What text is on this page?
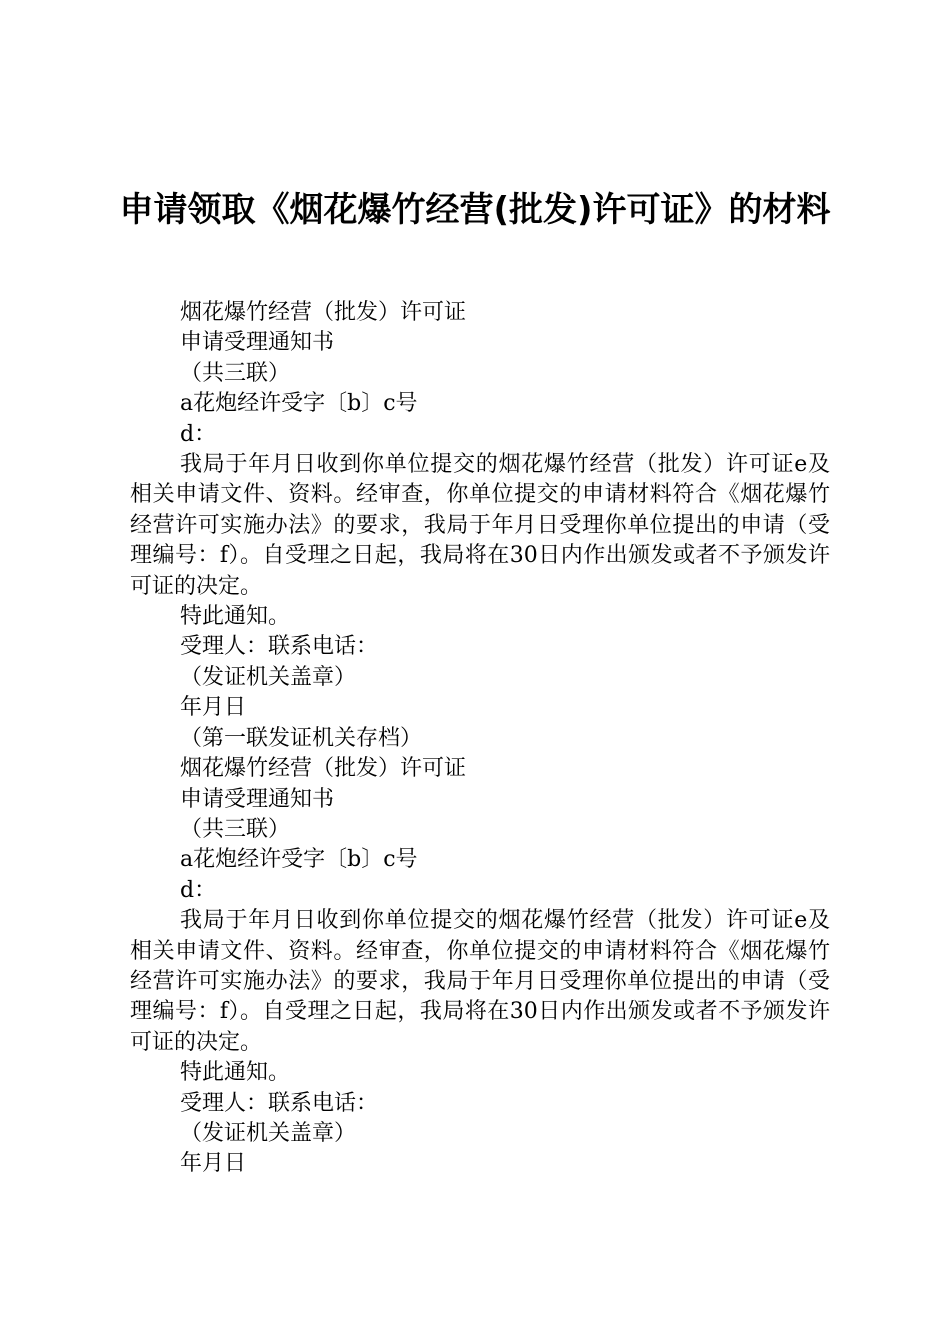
申请领取《烟花爆竹经营(批发)许可证》的材料

烟花爆竹经营（批发）许可证

申请受理通知书

（共三联）

a花炮经许受字〔b〕c号

d：

我局于年月日收到你单位提交的烟花爆竹经营（批发）许可证e及相关申请文件、资料。经审查，你单位提交的申请材料符合《烟花爆竹经营许可实施办法》的要求，我局于年月日受理你单位提出的申请（受理编号：f）。自受理之日起，我局将在30日内作出颁发或者不予颁发许可证的决定。

特此通知。

受理人：联系电话：

（发证机关盖章）

年月日

（第一联发证机关存档）

烟花爆竹经营（批发）许可证

申请受理通知书

（共三联）

a花炮经许受字〔b〕c号

d：

我局于年月日收到你单位提交的烟花爆竹经营（批发）许可证e及相关申请文件、资料。经审查，你单位提交的申请材料符合《烟花爆竹经营许可实施办法》的要求，我局于年月日受理你单位提出的申请（受理编号：f）。自受理之日起，我局将在30日内作出颁发或者不予颁发许可证的决定。

特此通知。

受理人：联系电话：

（发证机关盖章）

年月日
